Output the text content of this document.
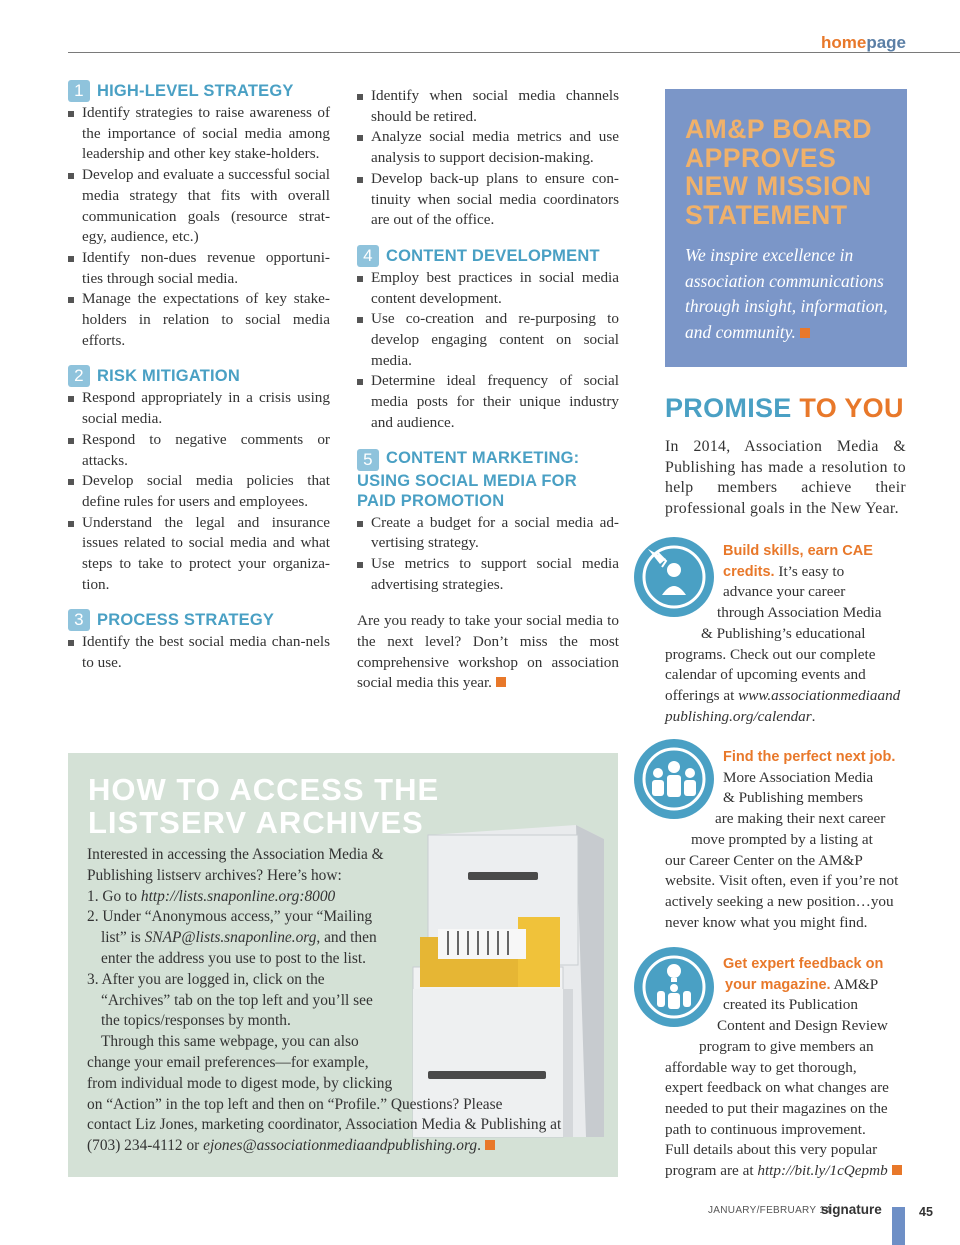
homepage
1 HIGH-LEVEL STRATEGY
Identify strategies to raise awareness of the importance of social media among leadership and other key stake-holders.
Develop and evaluate a successful social media strategy that fits with overall communication goals (resource strat-egy, audience, etc.)
Identify non-dues revenue opportuni-ties through social media.
Manage the expectations of key stake-holders in relation to social media efforts.
2 RISK MITIGATION
Respond appropriately in a crisis using social media.
Respond to negative comments or attacks.
Develop social media policies that define rules for users and employees.
Understand the legal and insurance issues related to social media and what steps to take to protect your organiza-tion.
3 PROCESS STRATEGY
Identify the best social media chan-nels to use.
Identify when social media channels should be retired.
Analyze social media metrics and use analysis to support decision-making.
Develop back-up plans to ensure con-tinuity when social media coordinators are out of the office.
4 CONTENT DEVELOPMENT
Employ best practices in social media content development.
Use co-creation and re-purposing to develop engaging content on social media.
Determine ideal frequency of social media posts for their unique industry and audience.
5 CONTENT MARKETING: USING SOCIAL MEDIA FOR PAID PROMOTION
Create a budget for a social media ad-vertising strategy.
Use metrics to support social media advertising strategies.

Are you ready to take your social media to the next level? Don’t miss the most comprehensive workshop on association social media this year.

AM&P BOARD
APPROVES
NEW MISSION
STATEMENT
We inspire excellence in
association communications
through insight, information,
and community.
PROMISE TO YOU
In 2014, Association Media & Publishing has made a resolution to help members achieve their professional goals in the New Year.
Build skills, earn CAE
credits. It’s easy to
advance your career
through Association Media
& Publishing’s educational
programs. Check out our complete
calendar of upcoming events and
offerings at www.associationmediaand
publishing.org/calendar.
Find the perfect next job.
More Association Media
& Publishing members
are making their next career
move prompted by a listing at
our Career Center on the AM&P
website. Visit often, even if you’re not
actively seeking a new position…you
never know what you might find.
Get expert feedback on
your magazine. AM&P
created its Publication
Content and Design Review
program to give members an
affordable way to get thorough,
expert feedback on what changes are
needed to put their magazines on the
path to continuous improvement.
Full details about this very popular
program are at http://bit.ly/1cQepmb
HOW TO ACCESS THE
LISTSERV ARCHIVES
Interested in accessing the Association Media &
Publishing listserv archives? Here’s how:
1. Go to http://lists.snaponline.org:8000
2. Under “Anonymous access,” your “Mailing
list” is SNAP@lists.snaponline.org, and then
enter the address you use to post to the list.
3. After you are logged in, click on the
“Archives” tab on the top left and you’ll see
the topics/responses by month.
Through this same webpage, you can also
change your email preferences—for example,
from individual mode to digest mode, by clicking
on “Action” in the top left and then on “Profile.” Questions? Please
contact Liz Jones, marketing coordinator, Association Media & Publishing at
(703) 234-4112 or ejones@associationmediaandpublishing.org.
JANUARY/FEBRUARY 14
signature	45
